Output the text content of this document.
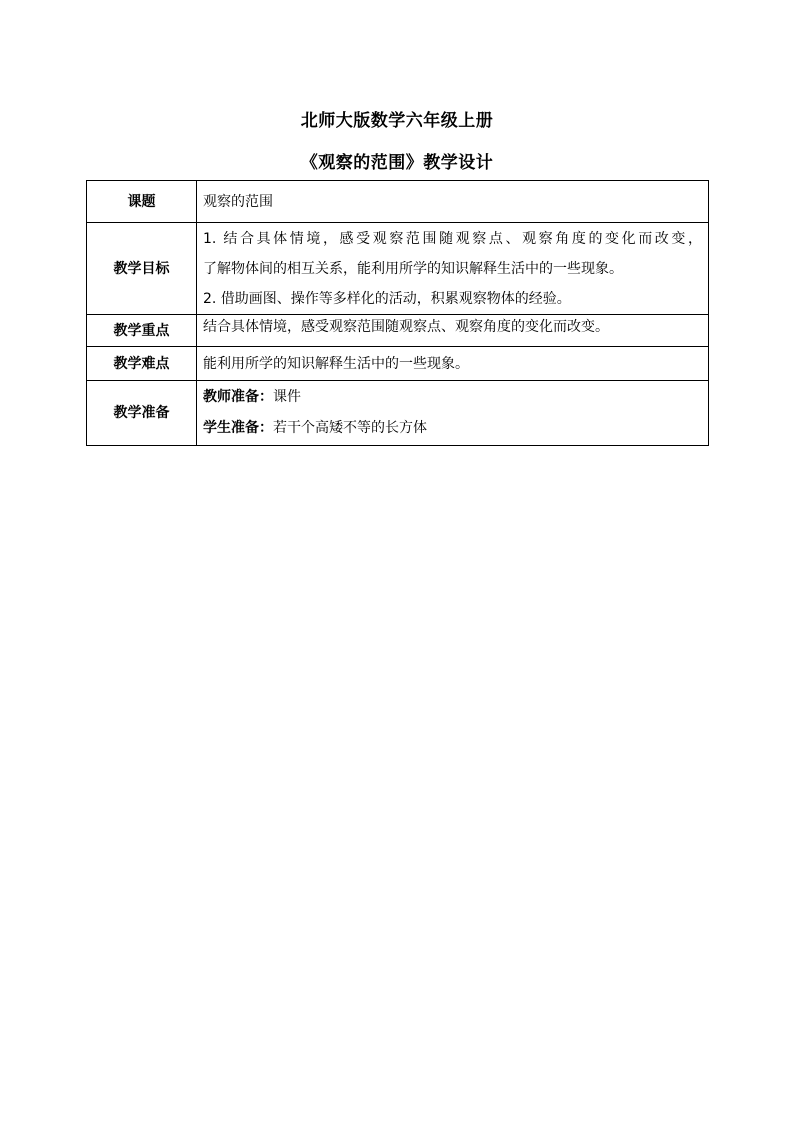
北师大版数学六年级上册
《观察的范围》教学设计
课题	观察的范围
教学目标	1. 结合具体情境，感受观察范围随观察点、观察角度的变化而改变，
了解物体间的相互关系，能利用所学的知识解释生活中的一些现象。
2. 借助画图、操作等多样化的活动，积累观察物体的经验。

教学重点	结合具体情境，感受观察范围随观察点、观察角度的变化而改变。

教学难点	能利用所学的知识解释生活中的一些现象。
教学准备	教师准备：课件
学生准备：若干个高矮不等的长方体
